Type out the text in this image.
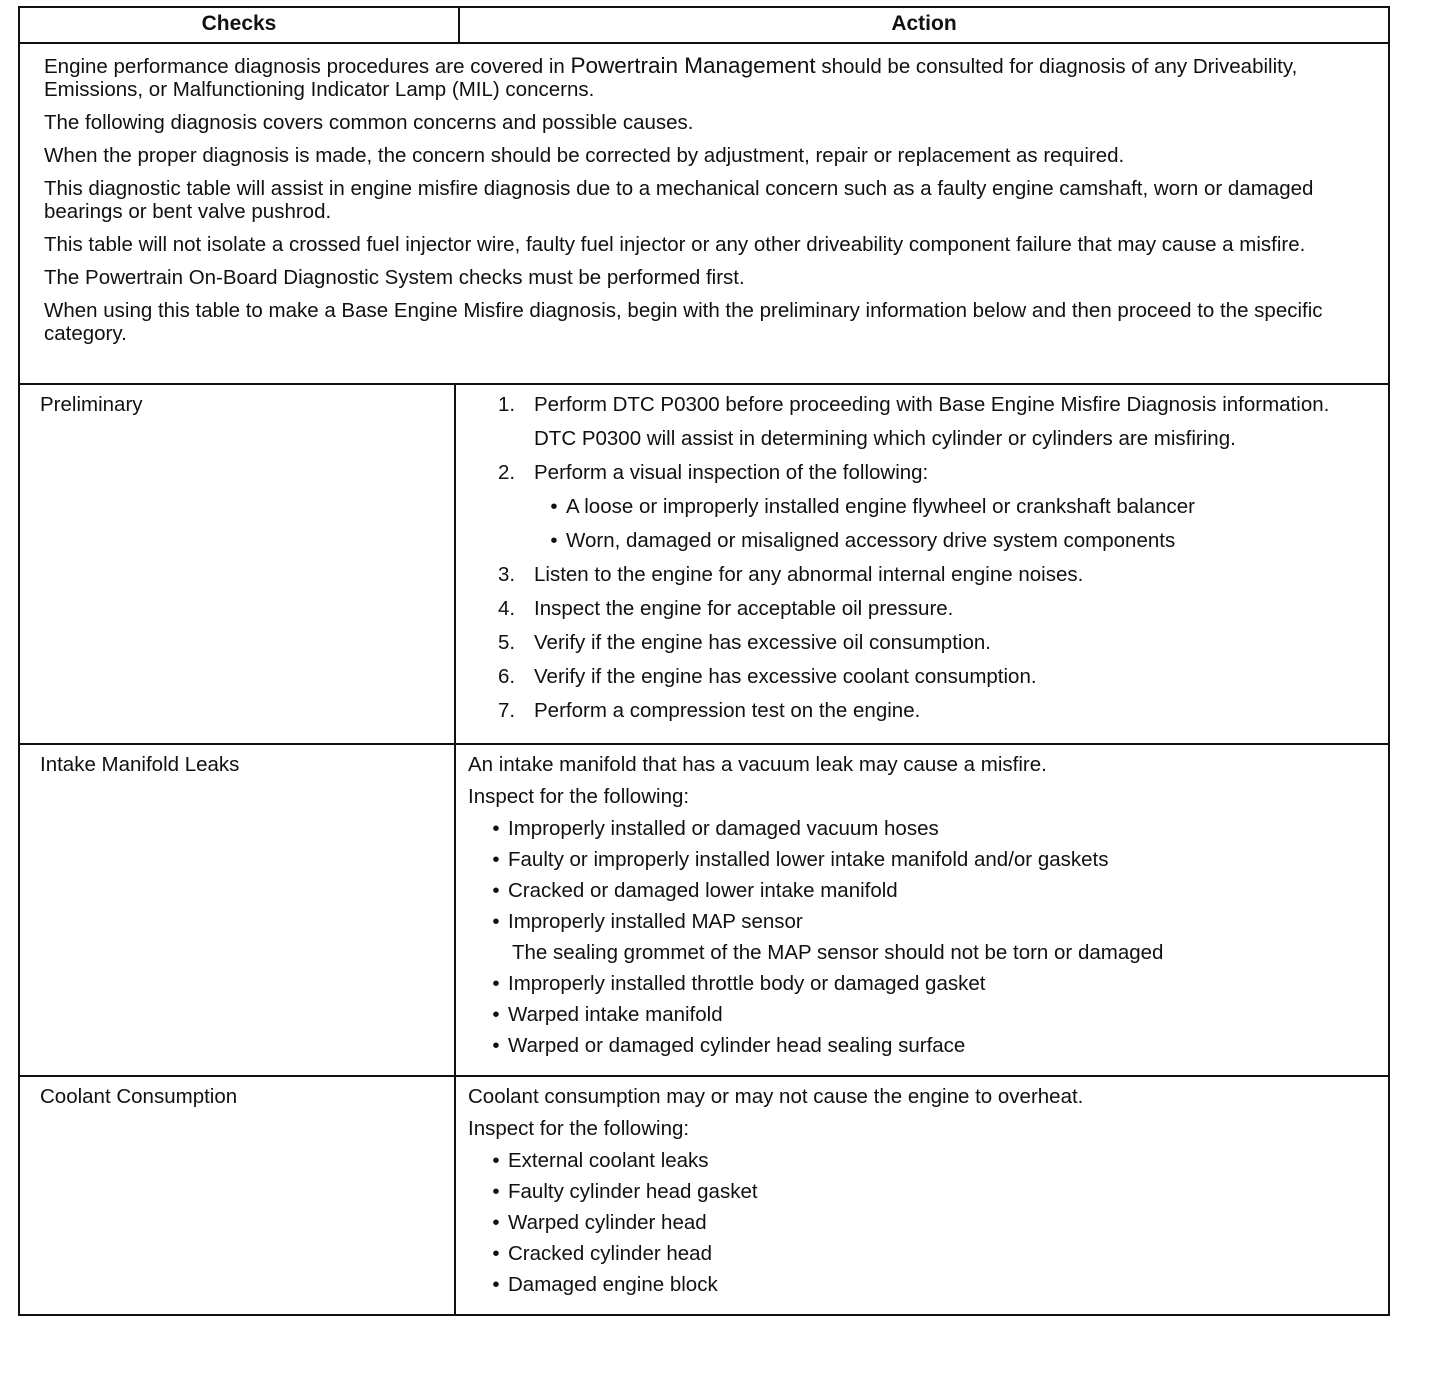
Checks	Action

Engine performance diagnosis procedures are covered in Powertrain Management should be consulted for diagnosis of any Driveability, Emissions, or Malfunctioning Indicator Lamp (MIL) concerns.

The following diagnosis covers common concerns and possible causes.

When the proper diagnosis is made, the concern should be corrected by adjustment, repair or replacement as required.

This diagnostic table will assist in engine misfire diagnosis due to a mechanical concern such as a faulty engine camshaft, worn or damaged bearings or bent valve pushrod.

This table will not isolate a crossed fuel injector wire, faulty fuel injector or any other driveability component failure that may cause a misfire.

The Powertrain On-Board Diagnostic System checks must be performed first.

When using this table to make a Base Engine Misfire diagnosis, begin with the preliminary information below and then proceed to the specific category.

Preliminary	1. Perform DTC P0300 before proceeding with Base Engine Misfire Diagnosis information.
DTC P0300 will assist in determining which cylinder or cylinders are misfiring.
2. Perform a visual inspection of the following:
• A loose or improperly installed engine flywheel or crankshaft balancer
• Worn, damaged or misaligned accessory drive system components
3. Listen to the engine for any abnormal internal engine noises.
4. Inspect the engine for acceptable oil pressure.
5. Verify if the engine has excessive oil consumption.
6. Verify if the engine has excessive coolant consumption.
7. Perform a compression test on the engine.
Intake Manifold Leaks	An intake manifold that has a vacuum leak may cause a misfire.
Inspect for the following:
• Improperly installed or damaged vacuum hoses
• Faulty or improperly installed lower intake manifold and/or gaskets
• Cracked or damaged lower intake manifold
• Improperly installed MAP sensor
The sealing grommet of the MAP sensor should not be torn or damaged
• Improperly installed throttle body or damaged gasket
• Warped intake manifold
• Warped or damaged cylinder head sealing surface
Coolant Consumption	Coolant consumption may or may not cause the engine to overheat.
Inspect for the following:
• External coolant leaks
• Faulty cylinder head gasket
• Warped cylinder head
• Cracked cylinder head
• Damaged engine block
